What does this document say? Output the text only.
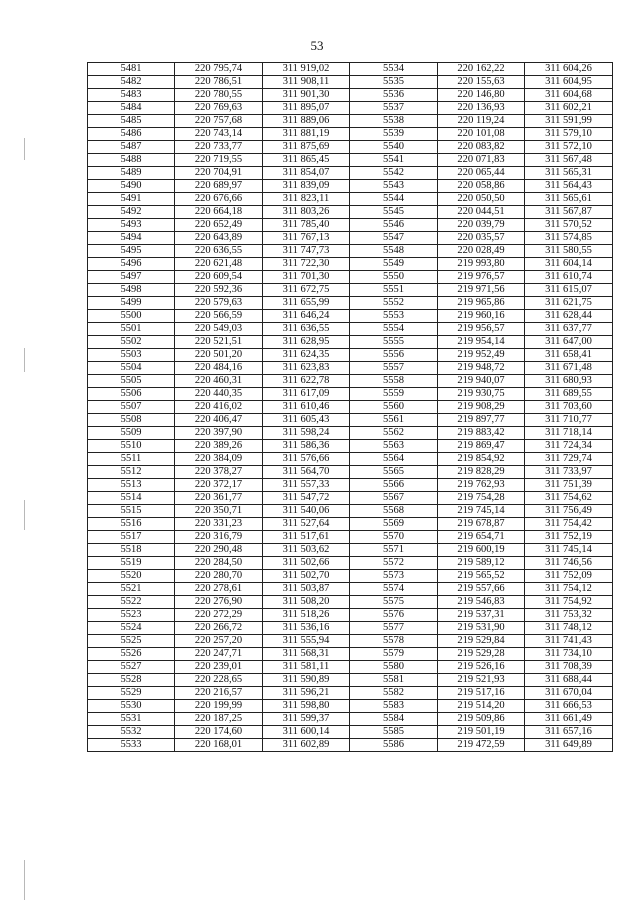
53
5481	220 795,74	311 919,02	5534	220 162,22	311 604,26
5482	220 786,51	311 908,11	5535	220 155,63	311 604,95
5483	220 780,55	311 901,30	5536	220 146,80	311 604,68
5484	220 769,63	311 895,07	5537	220 136,93	311 602,21
5485	220 757,68	311 889,06	5538	220 119,24	311 591,99
5486	220 743,14	311 881,19	5539	220 101,08	311 579,10
5487	220 733,77	311 875,69	5540	220 083,82	311 572,10
5488	220 719,55	311 865,45	5541	220 071,83	311 567,48
5489	220 704,91	311 854,07	5542	220 065,44	311 565,31
5490	220 689,97	311 839,09	5543	220 058,86	311 564,43
5491	220 676,66	311 823,11	5544	220 050,50	311 565,61
5492	220 664,18	311 803,26	5545	220 044,51	311 567,87
5493	220 652,49	311 785,40	5546	220 039,79	311 570,52
5494	220 643,89	311 767,13	5547	220 035,57	311 574,85
5495	220 636,55	311 747,73	5548	220 028,49	311 580,55
5496	220 621,48	311 722,30	5549	219 993,80	311 604,14
5497	220 609,54	311 701,30	5550	219 976,57	311 610,74
5498	220 592,36	311 672,75	5551	219 971,56	311 615,07
5499	220 579,63	311 655,99	5552	219 965,86	311 621,75
5500	220 566,59	311 646,24	5553	219 960,16	311 628,44
5501	220 549,03	311 636,55	5554	219 956,57	311 637,77
5502	220 521,51	311 628,95	5555	219 954,14	311 647,00
5503	220 501,20	311 624,35	5556	219 952,49	311 658,41
5504	220 484,16	311 623,83	5557	219 948,72	311 671,48
5505	220 460,31	311 622,78	5558	219 940,07	311 680,93
5506	220 440,35	311 617,09	5559	219 930,75	311 689,55
5507	220 416,02	311 610,46	5560	219 908,29	311 703,60
5508	220 406,47	311 605,43	5561	219 897,77	311 710,77
5509	220 397,90	311 598,24	5562	219 883,42	311 718,14
5510	220 389,26	311 586,36	5563	219 869,47	311 724,34
5511	220 384,09	311 576,66	5564	219 854,92	311 729,74
5512	220 378,27	311 564,70	5565	219 828,29	311 733,97
5513	220 372,17	311 557,33	5566	219 762,93	311 751,39
5514	220 361,77	311 547,72	5567	219 754,28	311 754,62
5515	220 350,71	311 540,06	5568	219 745,14	311 756,49
5516	220 331,23	311 527,64	5569	219 678,87	311 754,42
5517	220 316,79	311 517,61	5570	219 654,71	311 752,19
5518	220 290,48	311 503,62	5571	219 600,19	311 745,14
5519	220 284,50	311 502,66	5572	219 589,12	311 746,56
5520	220 280,70	311 502,70	5573	219 565,52	311 752,09
5521	220 278,61	311 503,87	5574	219 557,66	311 754,12
5522	220 276,90	311 508,20	5575	219 546,83	311 754,92
5523	220 272,29	311 518,26	5576	219 537,31	311 753,32
5524	220 266,72	311 536,16	5577	219 531,90	311 748,12
5525	220 257,20	311 555,94	5578	219 529,84	311 741,43
5526	220 247,71	311 568,31	5579	219 529,28	311 734,10
5527	220 239,01	311 581,11	5580	219 526,16	311 708,39
5528	220 228,65	311 590,89	5581	219 521,93	311 688,44
5529	220 216,57	311 596,21	5582	219 517,16	311 670,04
5530	220 199,99	311 598,80	5583	219 514,20	311 666,53
5531	220 187,25	311 599,37	5584	219 509,86	311 661,49
5532	220 174,60	311 600,14	5585	219 501,19	311 657,16
5533	220 168,01	311 602,89	5586	219 472,59	311 649,89
